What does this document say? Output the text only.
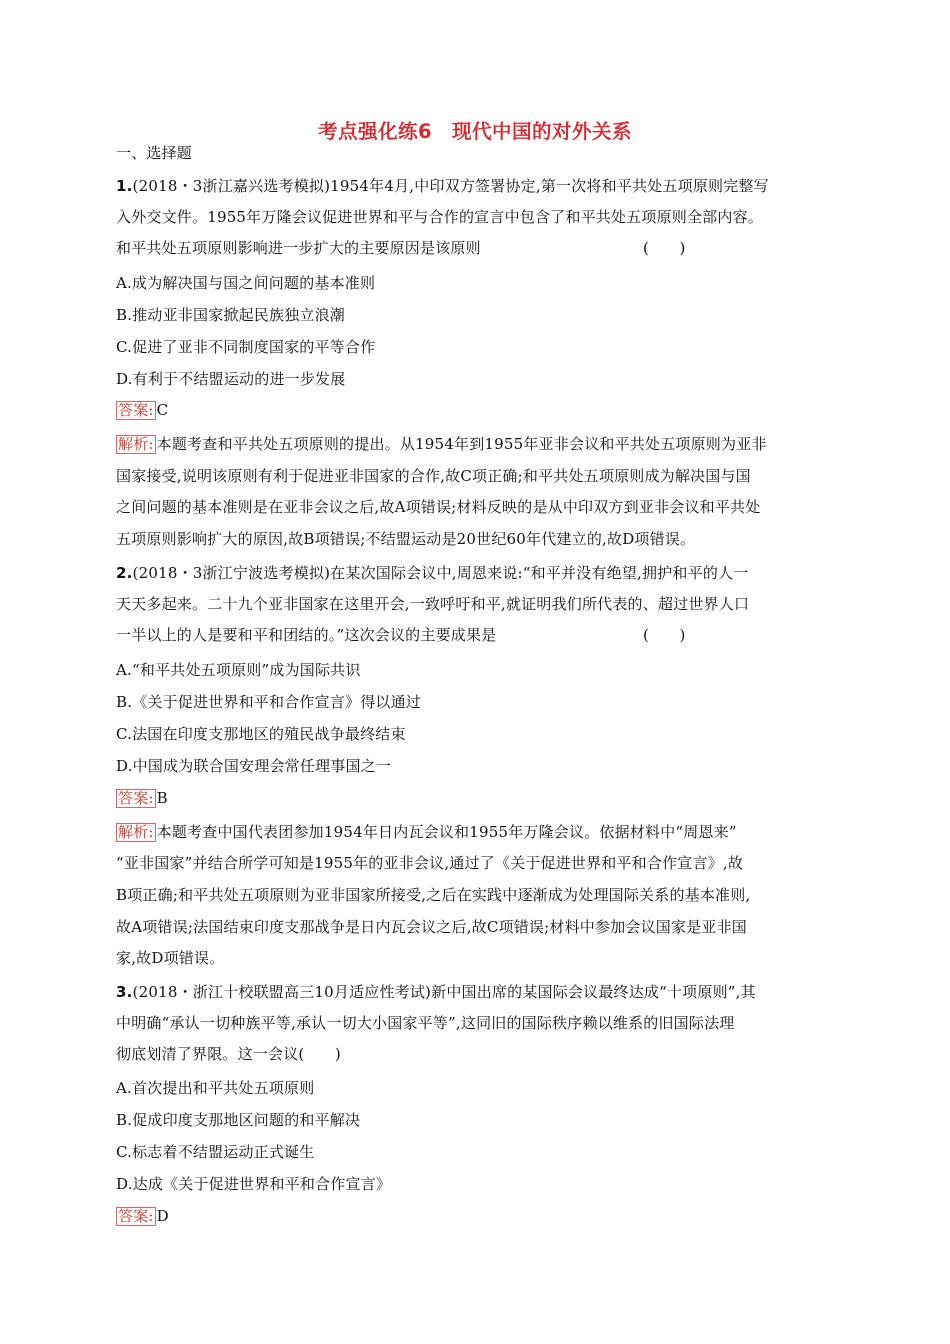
考点强化练6　现代中国的对外关系
一、选择题
1.(2018・3浙江嘉兴选考模拟)1954年4月,中印双方签署协定,第一次将和平共处五项原则完整写
入外交文件。1955年万隆会议促进世界和平与合作的宣言中包含了和平共处五项原则全部内容。
和平共处五项原则影响进一步扩大的主要原因是该原则	(　　)
A.成为解决国与国之间问题的基本准则
B.推动亚非国家掀起民族独立浪潮
C.促进了亚非不同制度国家的平等合作
D.有利于不结盟运动的进一步发展
答案: C
解析: 本题考查和平共处五项原则的提出。从1954年到1955年亚非会议和平共处五项原则为亚非
国家接受,说明该原则有利于促进亚非国家的合作,故C项正确;和平共处五项原则成为解决国与国
之间问题的基本准则是在亚非会议之后,故A项错误;材料反映的是从中印双方到亚非会议和平共处
五项原则影响扩大的原因,故B项错误;不结盟运动是20世纪60年代建立的,故D项错误。
2.(2018・3浙江宁波选考模拟)在某次国际会议中,周恩来说:“和平并没有绝望,拥护和平的人一
天天多起来。二十九个亚非国家在这里开会,一致呼吁和平,就证明我们所代表的、超过世界人口
一半以上的人是要和平和团结的。”这次会议的主要成果是	(　　)
A.“和平共处五项原则”成为国际共识
B.《关于促进世界和平和合作宣言》得以通过
C.法国在印度支那地区的殖民战争最终结束
D.中国成为联合国安理会常任理事国之一
答案: B
解析: 本题考查中国代表团参加1954年日内瓦会议和1955年万隆会议。依据材料中“周恩来”
“亚非国家”并结合所学可知是1955年的亚非会议,通过了《关于促进世界和平和合作宣言》,故
B项正确;和平共处五项原则为亚非国家所接受,之后在实践中逐渐成为处理国际关系的基本准则,
故A项错误;法国结束印度支那战争是日内瓦会议之后,故C项错误;材料中参加会议国家是亚非国
家,故D项错误。
3.(2018・浙江十校联盟高三10月适应性考试)新中国出席的某国际会议最终达成“十项原则”,其
中明确“承认一切种族平等,承认一切大小国家平等”,这同旧的国际秩序赖以维系的旧国际法理
彻底划清了界限。这一会议(　　)
A.首次提出和平共处五项原则
B.促成印度支那地区问题的和平解决
C.标志着不结盟运动正式诞生
D.达成《关于促进世界和平和合作宣言》
答案: D
